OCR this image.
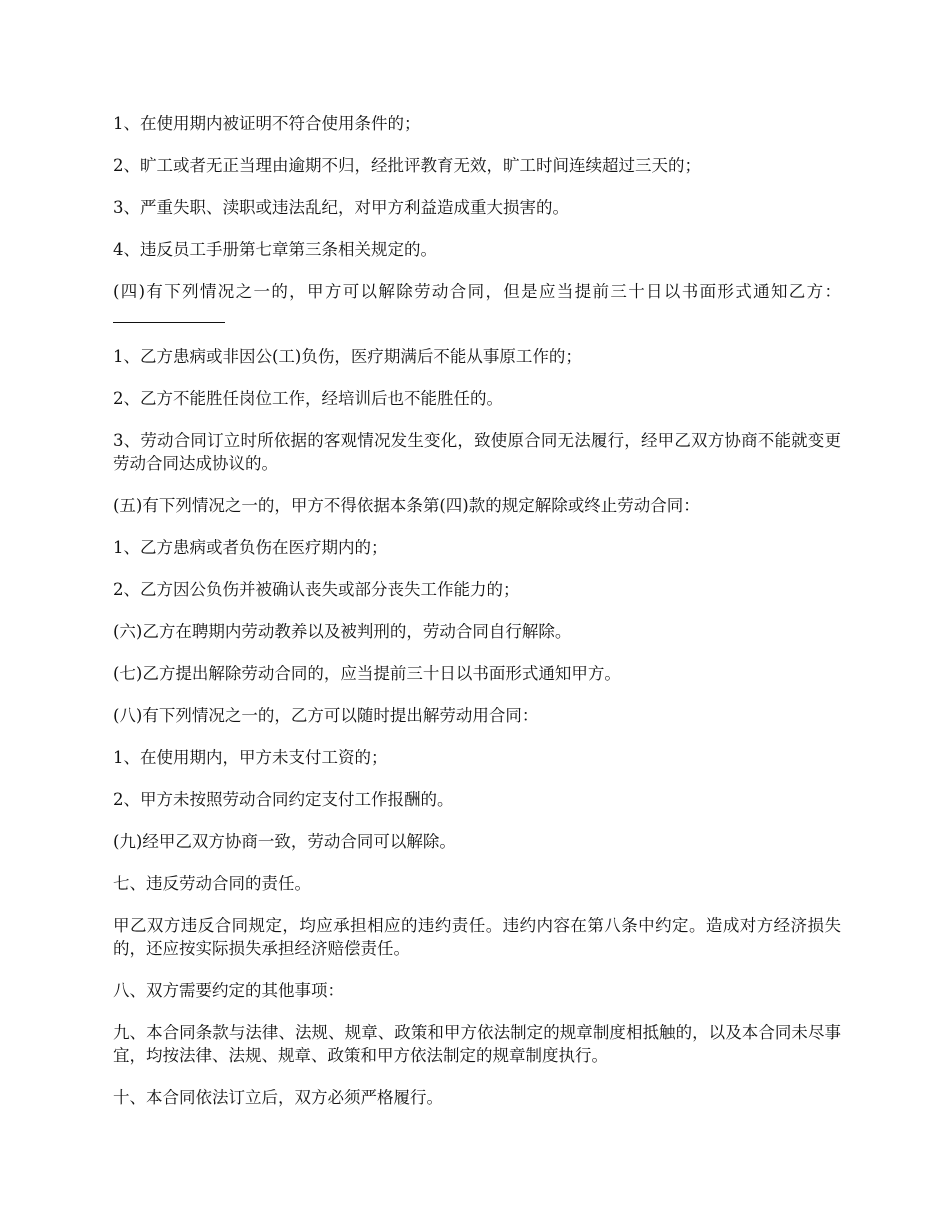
1、在使用期内被证明不符合使用条件的；

2、旷工或者无正当理由逾期不归，经批评教育无效，旷工时间连续超过三天的；

3、严重失职、渎职或违法乱纪，对甲方利益造成重大损害的。

4、违反员工手册第七章第三条相关规定的。

(四)有下列情况之一的，甲方可以解除劳动合同，但是应当提前三十日以书面形式通知乙方：

1、乙方患病或非因公(工)负伤，医疗期满后不能从事原工作的；

2、乙方不能胜任岗位工作，经培训后也不能胜任的。

3、劳动合同订立时所依据的客观情况发生变化，致使原合同无法履行，经甲乙双方协商不能就变更劳动合同达成协议的。

(五)有下列情况之一的，甲方不得依据本条第(四)款的规定解除或终止劳动合同：

1、乙方患病或者负伤在医疗期内的；

2、乙方因公负伤并被确认丧失或部分丧失工作能力的；

(六)乙方在聘期内劳动教养以及被判刑的，劳动合同自行解除。

(七)乙方提出解除劳动合同的，应当提前三十日以书面形式通知甲方。

(八)有下列情况之一的，乙方可以随时提出解劳动用合同：

1、在使用期内，甲方未支付工资的；

2、甲方未按照劳动合同约定支付工作报酬的。

(九)经甲乙双方协商一致，劳动合同可以解除。

七、违反劳动合同的责任。

甲乙双方违反合同规定，均应承担相应的违约责任。违约内容在第八条中约定。造成对方经济损失的，还应按实际损失承担经济赔偿责任。

八、双方需要约定的其他事项：

九、本合同条款与法律、法规、规章、政策和甲方依法制定的规章制度相抵触的，以及本合同未尽事宜，均按法律、法规、规章、政策和甲方依法制定的规章制度执行。

十、本合同依法订立后，双方必须严格履行。
